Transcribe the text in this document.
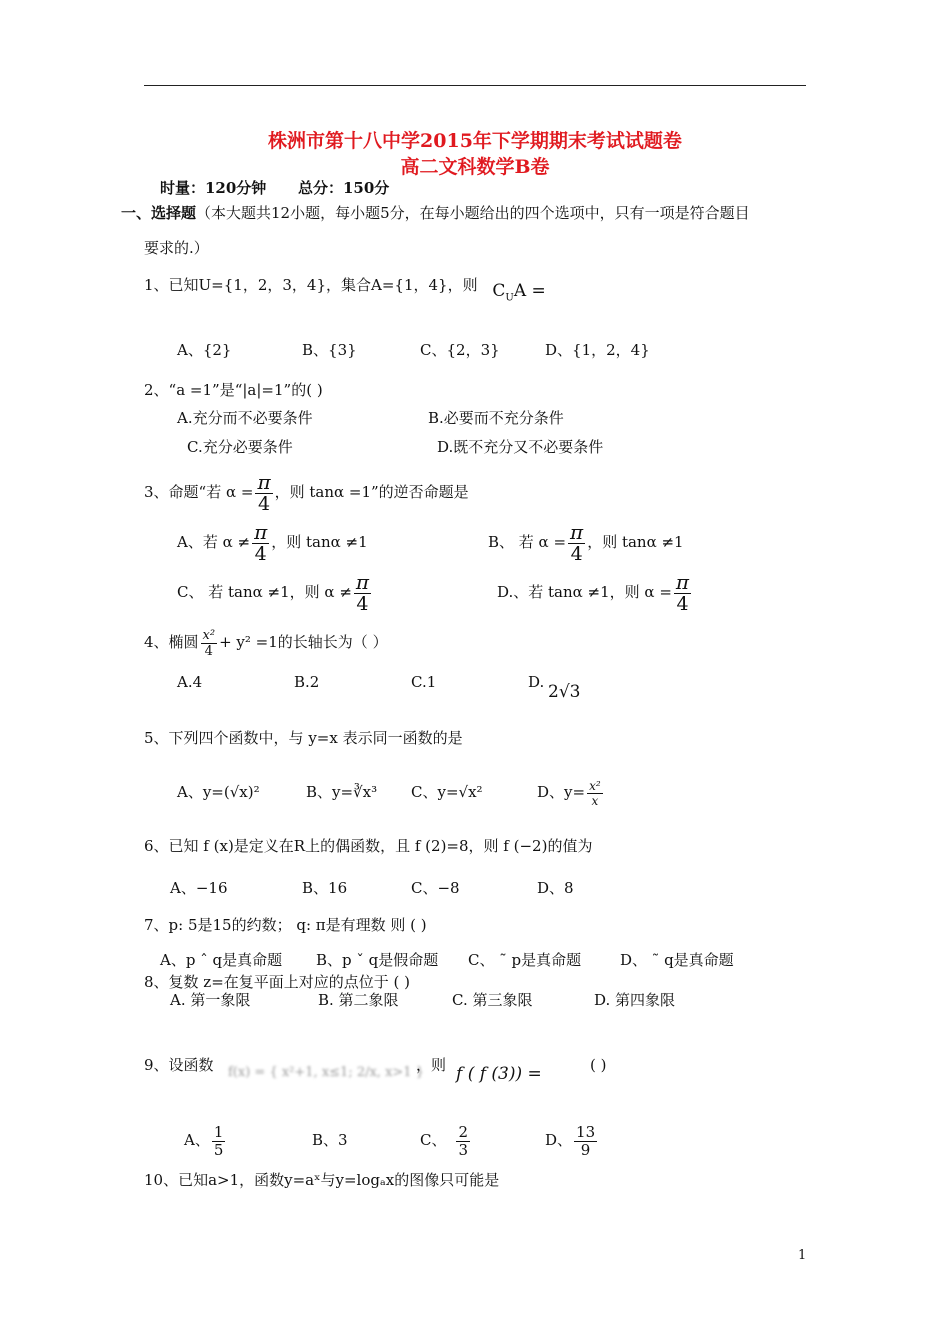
株洲市第十八中学2015年下学期期末考试试题卷
高二文科数学B卷
时量：120分钟 总分：150分
一、选择题（本大题共12小题，每小题5分，在每小题给出的四个选项中，只有一项是符合题目
要求的.）
1、已知U={1，2，3，4}，集合A={1，4}，则 $C_UA$ =
A、{2}	B、{3}	C、{2，3}	D、{1，2，4}
2、“a =1”是“|a|=1”的( )
A.充分而不必要条件	B.必要而不充分条件
C.充分必要条件	D.既不充分又不必要条件
3、命题“若 $\alpha = \frac{\pi}{4}$ ，则 tanα =1”的逆否命题是
A、若 $\alpha \ne \frac{\pi}{4}$ ，则 tanα ≠1	B、 若 $\alpha = \frac{\pi}{4}$ ，则 tanα ≠1
C、 若 tanα ≠1，则 $\alpha \ne \frac{\pi}{4}$	D.、若 tanα ≠1，则 $\alpha = \frac{\pi}{4}$
4、椭圆 $\frac{\text{x²}}{4} + y^2 =1$的长轴长为（ ）
A.4	B.2	C.1	D. 2√3
5、下列四个函数中，与 y=x 表示同一函数的是
A、y=(√x)²	B、y=∛x³ C、y=√x²	D、$y= \frac{\text{x²}}{x}$
6、已知 f (x)是定义在R上的偶函数，且 f (2)=8，则 f (−2)的值为
A、−16	B、16	C、−8	D、8
7、p: 5是15的约数； q: π是有理数 则 ( )
A、p ˆ q是真命题 B、p ˇ q是假命题 C、 ˜ p是真命题	D、 ˜ q是真命题
8、复数 z=在复平面上对应的点位于 ( )
A. 第一象限	B. 第二象限	C. 第三象限	D. 第四象限
9、设函数 f(x) = { x²+1, x≤1; 2/x, x>1 }
，则 f ( f (3)) =	( )
A、 $\frac{1}{5}$	B、3	C、 $\frac{2}{3}$	D、 $\frac{13}{9}$
10、已知a>1，函数y=aˣ与y=logₐx的图像只可能是
1
